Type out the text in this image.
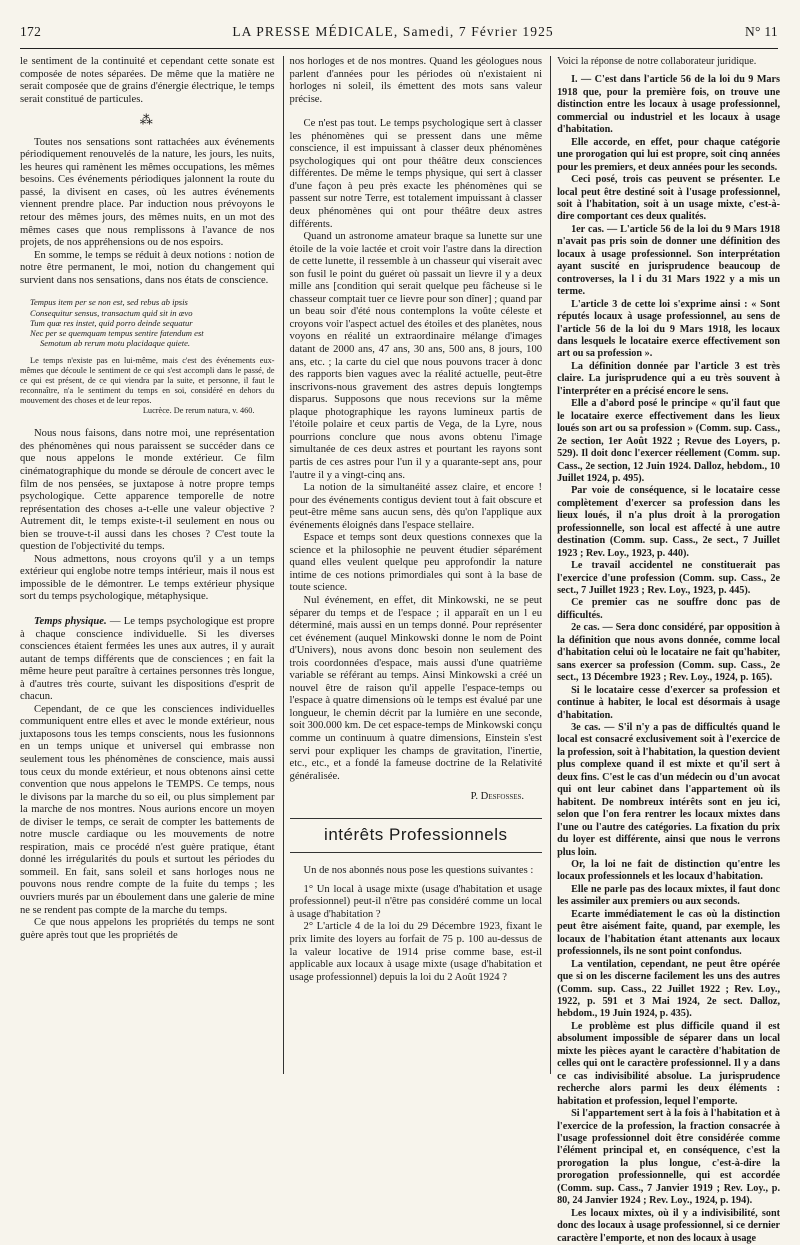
172	LA PRESSE MÉDICALE, Samedi, 7 Février 1925	N° 11

le sentiment de la continuité et cependant cette sonate est composée de notes séparées. De même que la matière ne serait composée que de grains d'énergie électrique, le temps serait constitué de particules.

⁂

Toutes nos sensations sont rattachées aux événements périodiquement renouvelés de la nature, les jours, les nuits, les heures qui ramènent les mêmes occupations, les mêmes besoins. Ces événements périodiques jalonnent la route du passé, la divisent en cases, où les autres événements viennent prendre place. Par induction nous prévoyons le retour des mêmes jours, des mêmes nuits, en un mot des mêmes cases que nous remplissons à l'avance de nos projets, de nos appréhensions ou de nos espoirs.

En somme, le temps se réduit à deux notions : notion de notre être permanent, le moi, notion du changement qui survient dans nos sensations, dans nos états de conscience.

Tempus item per se non est, sed rebus ab ipsis
Consequitur sensus, transactum quid sit in ævo
Tum quæ res instet, quid porro deinde sequatur
Nec per se quemquam tempus sentire fatendum est
Semotum ab rerum motu placidaque quiete.

Le temps n'existe pas en lui-même, mais c'est des événements eux-mêmes que découle le sentiment de ce qui s'est accompli dans le passé, de ce qui est présent, de ce qui viendra par la suite, et personne, il faut le reconnaître, n'a le sentiment du temps en soi, considéré en dehors du mouvement des choses et de leur repos.

Lucrèce. De rerum natura, v. 460.

Nous nous faisons, dans notre moi, une représentation des phénomènes qui nous paraissent se succéder dans ce que nous appelons le monde extérieur. Ce film cinématographique du monde se déroule de concert avec le film de nos pensées, se juxtapose à notre propre temps psychologique. Cette apparence temporelle de notre représentation des choses a-t-elle une valeur objective ? Autrement dit, le temps existe-t-il seulement en nous ou bien se trouve-t-il aussi dans les choses ? C'est toute la question de l'objectivité du temps.

Nous admettons, nous croyons qu'il y a un temps extérieur qui englobe notre temps intérieur, mais il nous est impossible de le démontrer. Le temps extérieur physique sort du temps psychologique, métaphysique.

Temps physique. — Le temps psychologique est propre à chaque conscience individuelle. Si les diverses consciences étaient fermées les unes aux autres, il y aurait autant de temps différents que de consciences ; en fait la même heure peut paraître à certaines personnes très longue, à d'autres très courte, suivant les dispositions d'esprit de chacun.

Cependant, de ce que les consciences individuelles communiquent entre elles et avec le monde extérieur, nous juxtaposons tous les temps conscients, nous les fusionnons en un temps unique et universel qui embrasse non seulement tous les phénomènes de conscience, mais aussi tous ceux du monde extérieur, et nous obtenons ainsi cette convention que nous appelons le TEMPS. Ce temps, nous le divisons par la marche du so eil, ou plus simplement par la marche de nos montres. Nous aurions encore un moyen de diviser le temps, ce serait de compter les battements de notre muscle cardiaque ou les mouvements de notre respiration, mais ce procédé n'est guère pratique, étant donné les irrégularités du pouls et surtout les périodes du sommeil. En fait, sans soleil et sans horloges nous ne pouvons nous rendre compte de la fuite du temps ; les ouvriers murés par un éboulement dans une galerie de mine ne se rendent pas compte de la marche du temps.

Ce que nous appelons les propriétés du temps ne sont guère après tout que les propriétés de

nos horloges et de nos montres. Quand les géologues nous parlent d'années pour les périodes où n'existaient ni horloges ni soleil, ils émettent des mots sans valeur précise.

Ce n'est pas tout. Le temps psychologique sert à classer les phénomènes qui se pressent dans une même conscience, il est impuissant à classer deux phénomènes psychologiques qui ont pour théâtre deux consciences différentes. De même le temps physique, qui sert à classer d'une façon à peu près exacte les phénomènes qui se passent sur notre Terre, est totalement impuissant à classer deux phénomènes qui ont pour théâtre deux astres différents.

Quand un astronome amateur braque sa lunette sur une étoile de la voie lactée et croit voir l'astre dans la direction de cette lunette, il ressemble à un chasseur qui viserait avec son fusil le point du guéret où passait un lievre il y a deux mille ans [condition qui serait quelque peu fâcheuse si le chasseur comptait tuer ce lievre pour son dîner] ; quand par un beau soir d'été nous contemplons la voûte céleste et croyons voir l'aspect actuel des étoiles et des planètes, nous voyons en réalité un extraordinaire mélange d'images datant de 2000 ans, 47 ans, 30 ans, 500 ans, 8 jours, 100 ans, etc. ; la carte du ciel que nous pouvons tracer à donc des rapports bien vagues avec la réalité actuelle, peut-être inscrivons-nous gravement des astres depuis longtemps disparus. Supposons que nous recevions sur la même plaque photographique les rayons lumineux partis de l'étoile polaire et ceux partis de Vega, de la Lyre, nous pourrions conclure que nous avons obtenu l'image simultanée de ces deux astres et pourtant les rayons sont partis de ces astres pour l'un il y a quarante-sept ans, pour l'autre il y a vingt-cinq ans.

La notion de la simultanéité assez claire, et encore ! pour des événements contigus devient tout à fait obscure et peut-être même sans aucun sens, dès qu'on l'applique aux événements éloignés dans l'espace stellaire.

Espace et temps sont deux questions connexes que la science et la philosophie ne peuvent étudier séparément quand elles veulent quelque peu approfondir la nature intime de ces notions primordiales qui sont à la base de toute science.

Nul événement, en effet, dit Minkowski, ne se peut séparer du temps et de l'espace ; il apparaît en un l eu déterminé, mais aussi en un temps donné. Pour représenter cet événement (auquel Minkowski donne le nom de Point d'Univers), nous avons donc besoin non seulement des trois coordonnées d'espace, mais aussi d'une quatrième variable se référant au temps. Ainsi Minkowski a créé un nouvel être de raison qu'il appelle l'espace-temps ou l'espace à quatre dimensions où le temps est évalué par une longueur, le chemin décrit par la lumière en une seconde, soit 300.000 km. De cet espace-temps de Minkowski conçu comme un continuum à quatre dimensions, Einstein s'est servi pour expliquer les champs de gravitation, l'inertie, etc., etc., et a fondé la fameuse doctrine de la Relativité généralisée.

P. Desfosses.
intérêts Professionnels

Un de nos abonnés nous pose les questions suivantes :

1° Un local à usage mixte (usage d'habitation et usage professionnel) peut-il n'être pas considéré comme un local à usage d'habitation ?

2° L'article 4 de la loi du 29 Décembre 1923, fixant le prix limite des loyers au forfait de 75 p. 100 au-dessus de la valeur locative de 1914 prise comme base, est-il applicable aux locaux à usage mixte (usage d'habitation et usage professionnel) depuis la loi du 2 Août 1924 ?

Voici la réponse de notre collaborateur juridique.

I. — C'est dans l'article 56 de la loi du 9 Mars 1918 que, pour la première fois, on trouve une distinction entre les locaux à usage professionnel, commercial ou industriel et les locaux à usage d'habitation.

Elle accorde, en effet, pour chaque catégorie une prorogation qui lui est propre, soit cinq années pour les premiers, et deux années pour les seconds.

Ceci posé, trois cas peuvent se présenter. Le local peut être destiné soit à l'usage professionnel, soit à l'habitation, soit à un usage mixte, c'est-à-dire comportant ces deux qualités.

1er cas. — L'article 56 de la loi du 9 Mars 1918 n'avait pas pris soin de donner une définition des locaux à usage professionnel. Son interprétation ayant suscité en jurisprudence beaucoup de controverses, la l i du 31 Mars 1922 y a mis un terme.

L'article 3 de cette loi s'exprime ainsi : « Sont réputés locaux à usage professionnel, au sens de l'article 56 de la loi du 9 Mars 1918, les locaux dans lesquels le locataire exerce effectivement son art ou sa profession ».

La définition donnée par l'article 3 est très claire. La jurisprudence qui a eu très souvent à l'interpréter en a précisé encore le sens.

Elle a d'abord posé le principe « qu'il faut que le locataire exerce effectivement dans les lieux loués son art ou sa profession » (Comm. sup. Cass., 2e section, 1er Août 1922 ; Revue des Loyers, p. 529). Il doit donc l'exercer réellement (Comm. sup. Cass., 2e section, 12 Juin 1924. Dalloz, hebdom., 10 Juillet 1924, p. 495).

Par voie de conséquence, si le locataire cesse complètement d'exercer sa profession dans les lieux loués, il n'a plus droit à la prorogation professionnelle, son local est affecté à une autre destination (Comm. sup. Cass., 2e sect., 7 Juillet 1923 ; Rev. Loy., 1923, p. 440).

Le travail accidentel ne constituerait pas l'exercice d'une profession (Comm. sup. Cass., 2e sect., 7 Juillet 1923 ; Rev. Loy., 1923, p. 445).

Ce premier cas ne souffre donc pas de difficultés.

2e cas. — Sera donc considéré, par opposition à la définition que nous avons donnée, comme local d'habitation celui où le locataire ne fait qu'habiter, sans exercer sa profession (Comm. sup. Cass., 2e sect., 13 Décembre 1923 ; Rev. Loy., 1924, p. 165).

Si le locataire cesse d'exercer sa profession et continue à habiter, le local est désormais à usage d'habitation.

3e cas. — S'il n'y a pas de difficultés quand le local est consacré exclusivement soit à l'exercice de la profession, soit à l'habitation, la question devient plus complexe quand il est mixte et qu'il sert à deux fins. C'est le cas d'un médecin ou d'un avocat qui ont leur cabinet dans l'appartement où ils habitent. De nombreux intérêts sont en jeu ici, selon que l'on fera rentrer les locaux mixtes dans l'une ou l'autre des catégories. La fixation du prix du loyer est différente, ainsi que nous le verrons plus loin.

Or, la loi ne fait de distinction qu'entre les locaux professionnels et les locaux d'habitation.

Elle ne parle pas des locaux mixtes, il faut donc les assimiler aux premiers ou aux seconds.

Ecarte immédiatement le cas où la distinction peut être aisément faite, quand, par exemple, les locaux de l'habitation étant attenants aux locaux professionnels, ils ne sont point confondus.

La ventilation, cependant, ne peut être opérée que si on les discerne facilement les uns des autres (Comm. sup. Cass., 22 Juillet 1922 ; Rev. Loy., 1922, p. 591 et 3 Mai 1924, 2e sect. Dalloz, hebdom., 19 Juin 1924, p. 435).

Le problème est plus difficile quand il est absolument impossible de séparer dans un local mixte les pièces ayant le caractère d'habitation de celles qui ont le caractère professionnel. Il y a dans ce cas indivisibilité absolue. La jurisprudence recherche alors parmi les deux éléments : habitation et profession, lequel l'emporte.

Si l'appartement sert à la fois à l'habitation et à l'exercice de la profession, la fraction consacrée à l'usage professionnel doit être considérée comme l'élément principal et, en conséquence, c'est la prorogation la plus longue, c'est-à-dire la prorogation professionnelle, qui est accordée (Comm. sup. Cass., 7 Janvier 1919 ; Rev. Loy., p. 80, 24 Janvier 1924 ; Rev. Loy., 1924, p. 194).

Les locaux mixtes, où il y a indivisibilité, sont donc des locaux à usage professionnel, si ce dernier caractère l'emporte, et non des locaux à usage
